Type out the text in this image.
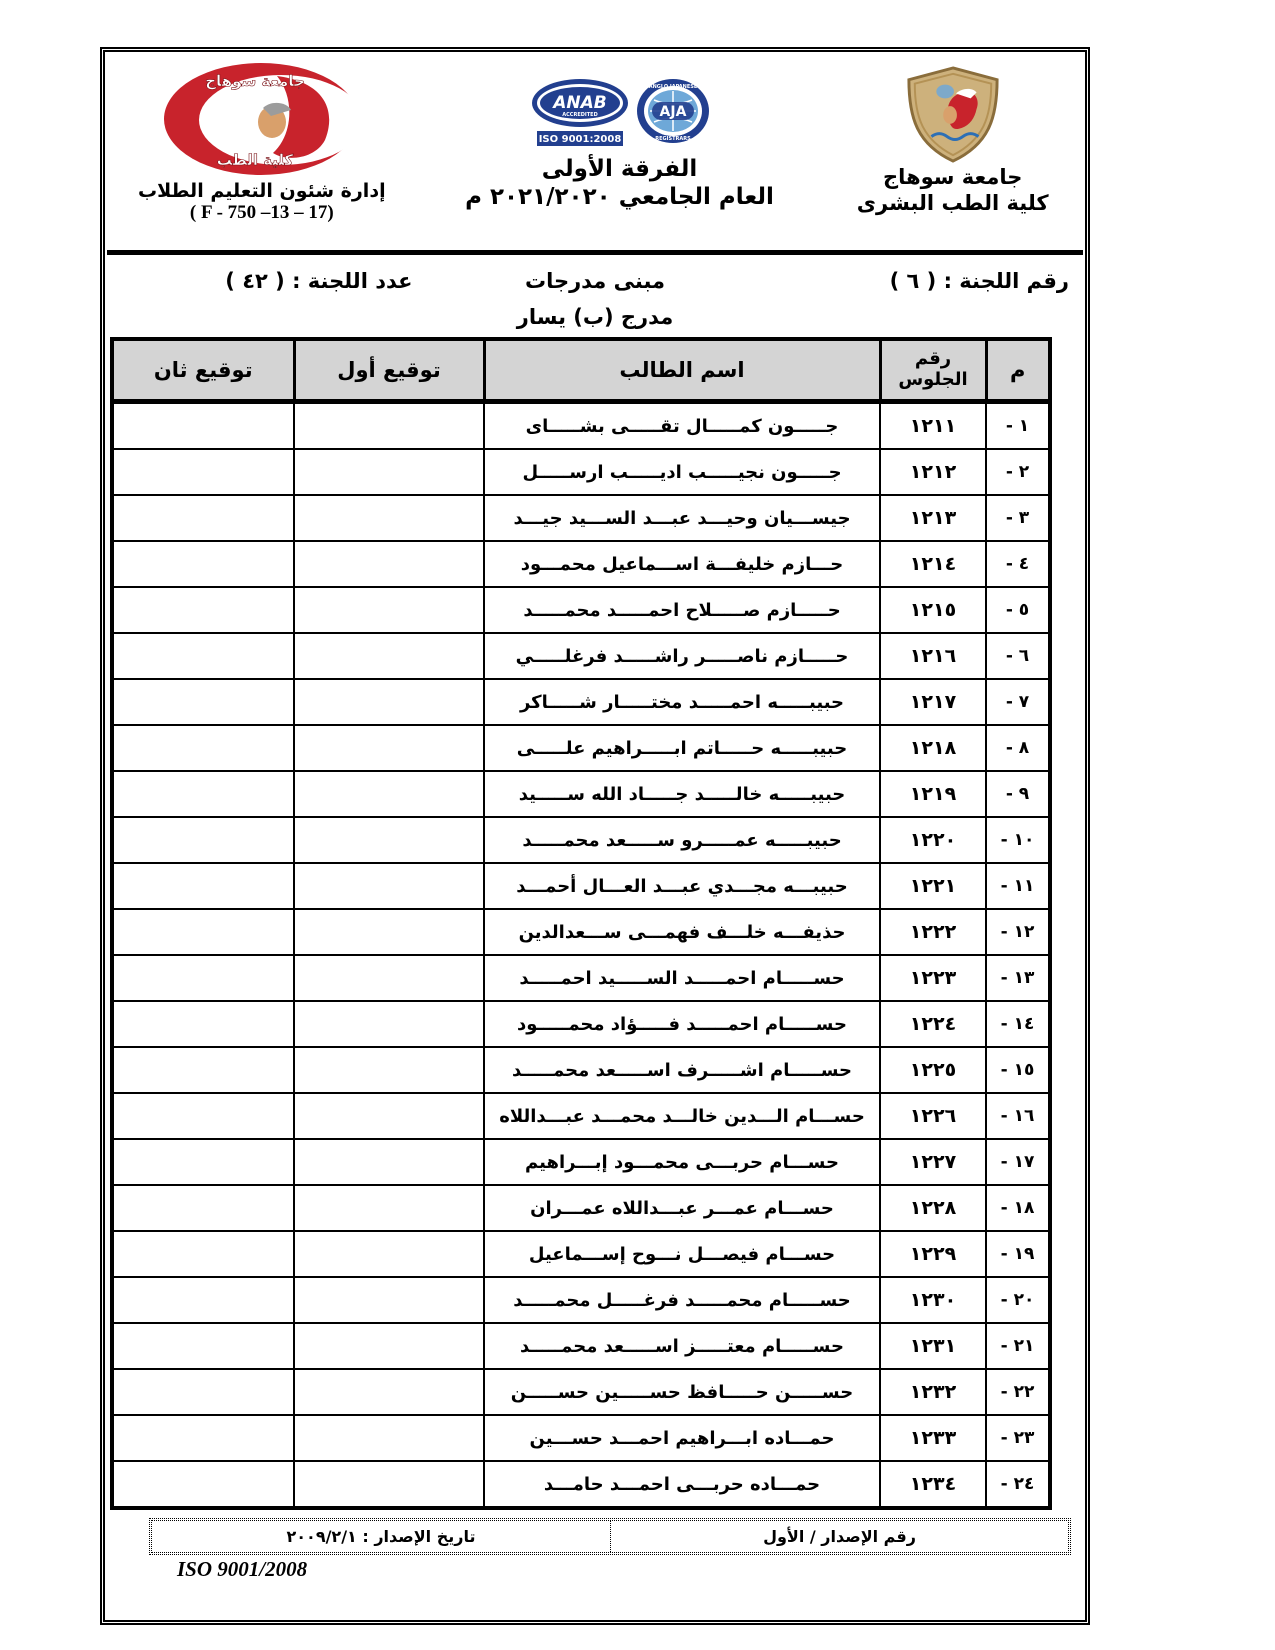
جامعة سوهاج
كلية الطب البشرى
ANAB
ACCREDITED
ISO 9001:2008
ANGLO JAPANESE
REGISTRARS
AJA
الفرقة الأولى
العام الجامعي ٢٠٢١/٢٠٢٠ م
جامعة سوهاج
كلية الطب
إدارة شئون التعليم الطلاب
( F - 750 –13 – 17)
رقم اللجنة : ( ٦ )
مبنى مدرجات
مدرج (ب) يسار
عدد اللجنة : ( ٤٢ )
م	رقم الجلوس	اسم الطالب	توقيع أول	توقيع ثان
١ -	١٢١١	جـــــون كمـــــال تقـــــى بشـــــاى		
٢ -	١٢١٢	جـــــون نجيـــــب اديـــــب ارســـــل		
٣ -	١٢١٣	جيســـيان وحيـــد عبـــد الســـيد جيـــد		
٤ -	١٢١٤	حـــازم خليفـــة اســـماعيل محمـــود		
٥ -	١٢١٥	حـــــازم صـــــلاح احمـــــد محمـــــد		
٦ -	١٢١٦	حـــــازم ناصـــــر راشـــــد فرغلـــــي		
٧ -	١٢١٧	حبيبـــــه احمـــــد مختـــــار شـــــاكر		
٨ -	١٢١٨	حبيبـــــه حـــــاتم ابـــــراهيم علـــــى		
٩ -	١٢١٩	حبيبـــــه خالـــــد جـــــاد الله ســـــيد		
١٠ -	١٢٢٠	حبيبـــــه عمـــــرو ســـــعد محمـــــد		
١١ -	١٢٢١	حبيبـــه مجـــدي عبـــد العـــال أحمـــد		
١٢ -	١٢٢٢	حذيفـــه خلـــف فهمـــى ســـعدالدين		
١٣ -	١٢٢٣	حســـــام احمـــــد الســـــيد احمـــــد		
١٤ -	١٢٢٤	حســـــام احمـــــد فـــــؤاد محمـــــود		
١٥ -	١٢٢٥	حســـــام اشـــــرف اســـــعد محمـــــد		
١٦ -	١٢٢٦	حســـام الـــدين خالـــد محمـــد عبـــداللاه		
١٧ -	١٢٢٧	حســـام حربـــى محمـــود إبـــراهيم		
١٨ -	١٢٢٨	حســـام عمـــر عبـــداللاه عمـــران		
١٩ -	١٢٢٩	حســـام فيصـــل نـــوح إســـماعيل		
٢٠ -	١٢٣٠	حســـــام محمـــــد فرغـــــل محمـــــد		
٢١ -	١٢٣١	حســـــام معتـــــز اســـــعد محمـــــد		
٢٢ -	١٢٣٢	حســـــن حـــــافظ حســـــين حســـــن		
٢٣ -	١٢٣٣	حمـــاده ابـــراهيم احمـــد حســـين		
٢٤ -	١٢٣٤	حمـــاده حربـــى احمـــد حامـــد		
رقم الإصدار / الأول
تاريخ الإصدار : ٢٠٠٩/٢/١
ISO 9001/2008
